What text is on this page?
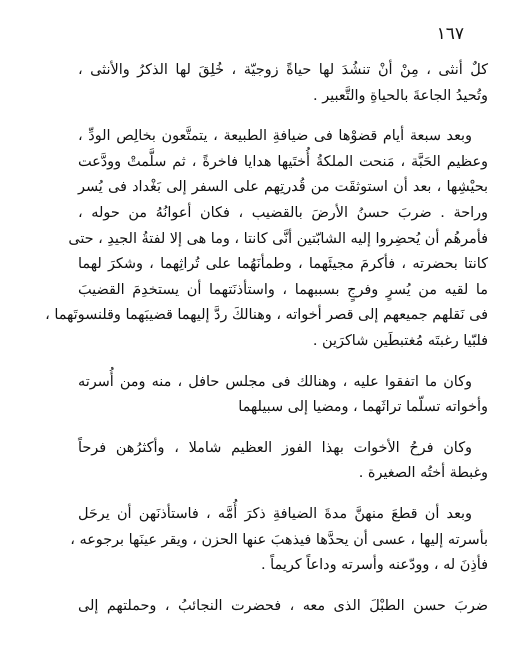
١٦٧
كلٌ أنثى ، مِنْ أنْ تنشُدَ لها حياةً زوجيّة ، خُلِقَ لها الذكرُ والأنثى ،
وتُحيدُ الجاعةَ بالحياةِ والتَّعبير .
وبعد سبعة أيام قضوْها فى ضيافةِ الطبيعة ، يتمتَّعون بخالِص الودِّ ،
وعظيم الحَبَّة ، مَنحت الملكةُ أُختَيها هدايا فاخرةً ، ثم سلَّمتْ وودَّعت
بحيْشِها ، بعد أن استوثقَت من قُدرتِهم على السفر إلى بَغْداد فى يُسر
وراحة . ضربَ حسنُ الأرضَ بالقضيب ، فكان أعوانُهُ من حوله ،
فأمرهُم أن يُحضِروا إليه الشابّتين أنَّى كانتا ، وما هى إلا لفتةُ الجيدِ ، حتى
كانتا بحضرته ، فأكرمَ مجيئَهما ، وطمأنَهُما على تُراثِهما ، وشكرَ لهما
ما لقيه من يُسرٍ وفرجٍ بسببهما ، واستأذنَتهما أن يستخدِمَ القضيبَ
فى نَقلهم جميعهم إلى قصر أخواته ، وهنالكَ ردَّ إليهما قضيبَهما وقلنسوتَهما ،
فلبّيا رغبتَه مُغتبطَين شاكرَين .
وكان ما اتفقوا عليه ، وهنالك فى مجلس حافل ، منه ومن أُسرته
وأخواته تسلّما تراثَهما ، ومضيا إلى سبيلهما
وكان فرحُ الأخوات بهذا الفوز العظيم شاملا ، وأكثرُهن فرحاً
وغبطة أختُه الصغيرة .
وبعد أن قطعَ منهنَّ مدةَ الضيافةِ ذكرَ أُمَّه ، فاستأذنَهن أن يرحَل
بأسرته إليها ، عسى أن يحدَّها فيذهبَ عنها الحزن ، ويقر عينَها برجوعه ،
فأذِنَ له ، وودّعنه وأسرته وداعاً كريماً .
ضربَ حسن الطبْلَ الذى معه ، فحضرت النجائبُ ، وحملتهم إلى
